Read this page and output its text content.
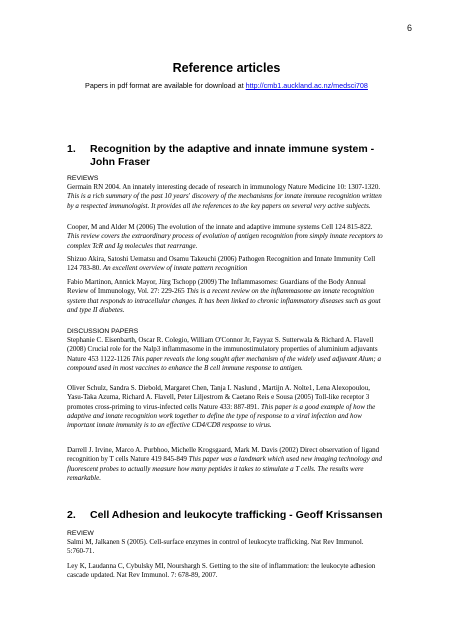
6
Reference articles
Papers in pdf format are available for download at http://cmb1.auckland.ac.nz/medsci708
1. Recognition by the adaptive and innate immune system -
John Fraser
REVIEWS

Germain RN 2004. An innately interesting decade of research in immunology Nature Medicine 10: 1307-1320. This is a rich summary of the past 10 years' discovery of the mechanisms for innate immune recognition written by a respected immunologist. It provides all the references to the key papers on several very active subjects.

Cooper, M and Alder M (2006) The evolution of the innate and adaptive immune systems Cell 124 815-822. This review covers the extraordinary process of evolution of antigen recognition from simply innate receptors to complex TcR and Ig molecules that rearrange.

Shizuo Akira, Satoshi Uematsu and Osamu Takeuchi (2006) Pathogen Recognition and Innate Immunity Cell 124 783-80. An excellent overview of innate pattern recognition

Fabio Martinon, Annick Mayor, Jürg Tschopp (2009) The Inflammasomes: Guardians of the Body Annual Review of Immunology, Vol. 27: 229-265 This is a recent review on the inflammasome an innate recognition system that responds to intracellular changes. It has been linked to chronic inflammatory diseases such as gout and type II diabetes.

DISCUSSION PAPERS

Stephanie C. Eisenbarth, Oscar R. Colegio, William O'Connor Jr, Fayyaz S. Sutterwala & Richard A. Flavell (2008) Crucial role for the Nalp3 inflammasome in the immunostimulatory properties of aluminium adjuvants Nature 453 1122-1126 This paper reveals the long sought after mechanism of the widely used adjuvant Alum; a compound used in most vaccines to enhance the B cell immune response to antigen.

Oliver Schulz, Sandra S. Diebold, Margaret Chen, Tanja I. Naslund , Martijn A. Nolte1, Lena Alexopoulou, Yasu-Taka Azuma, Richard A. Flavell, Peter Liljestrom & Caetano Reis e Sousa (2005) Toll-like receptor 3 promotes cross-priming to virus-infected cells Nature 433: 887-891. This paper is a good example of how the adaptive and innate recognition work together to define the type of response to a viral infection and how important innate immunity is to an effective CD4/CD8 response to virus.

Darrell J. Irvine, Marco A. Purbhoo, Michelle Krogsgaard, Mark M. Davis (2002) Direct observation of ligand recognition by T cells Nature 419 845-849 This paper was a landmark which used new imaging technology and fluorescent probes to actually measure how many peptides it takes to stimulate a T cells. The results were remarkable.

2. Cell Adhesion and leukocyte trafficking - Geoff Krissansen
REVIEW

Salmi M, Jalkanen S (2005). Cell-surface enzymes in control of leukocyte trafficking. Nat Rev Immunol. 5:760-71.

Ley K, Laudanna C, Cybulsky MI, Nourshargh S. Getting to the site of inflammation: the leukocyte adhesion cascade updated. Nat Rev Immunol. 7: 678-89, 2007.
